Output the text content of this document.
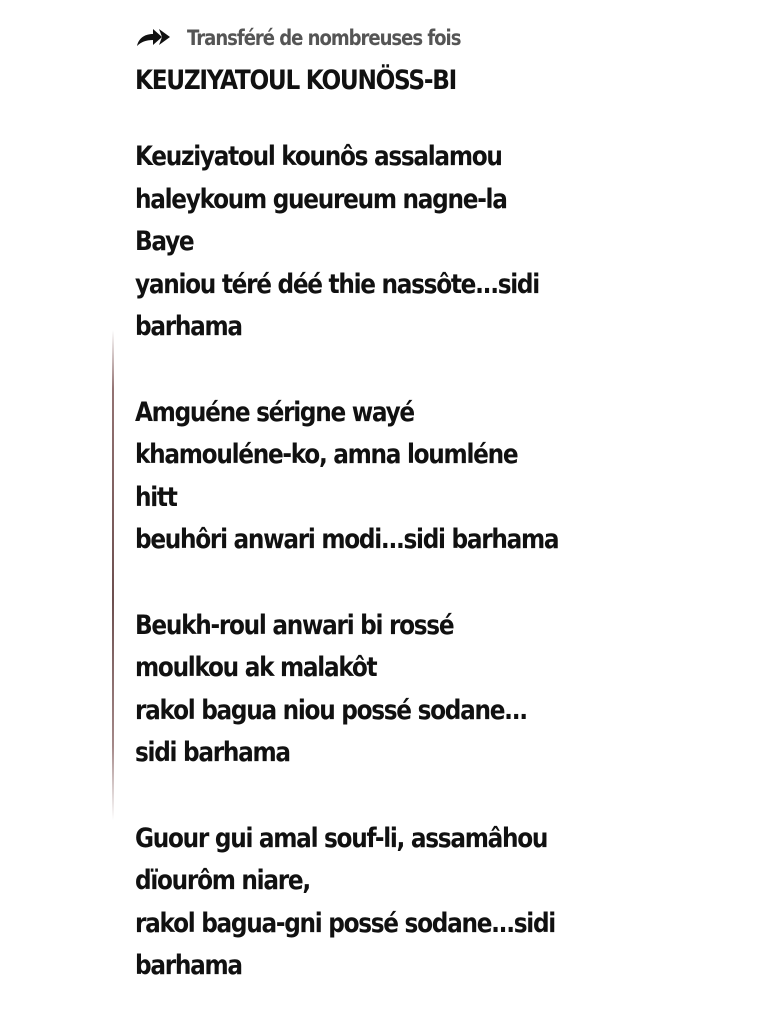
Transféré de nombreuses fois
KEUZIYATOUL KOUNÖSS-BI
Keuziyatoul kounôs assalamou
haleykoum gueureum nagne-la
Baye
yaniou téré déé thie nassôte...sidi
barhama
Amguéne sérigne wayé
khamouléne-ko, amna loumléne
hitt
beuhôri anwari modi...sidi barhama
Beukh-roul anwari bi rossé
moulkou ak malakôt
rakol bagua niou possé sodane...
sidi barhama
Guour gui amal souf-li, assamâhou
dïourôm niare,
rakol bagua-gni possé sodane...sidi
barhama
